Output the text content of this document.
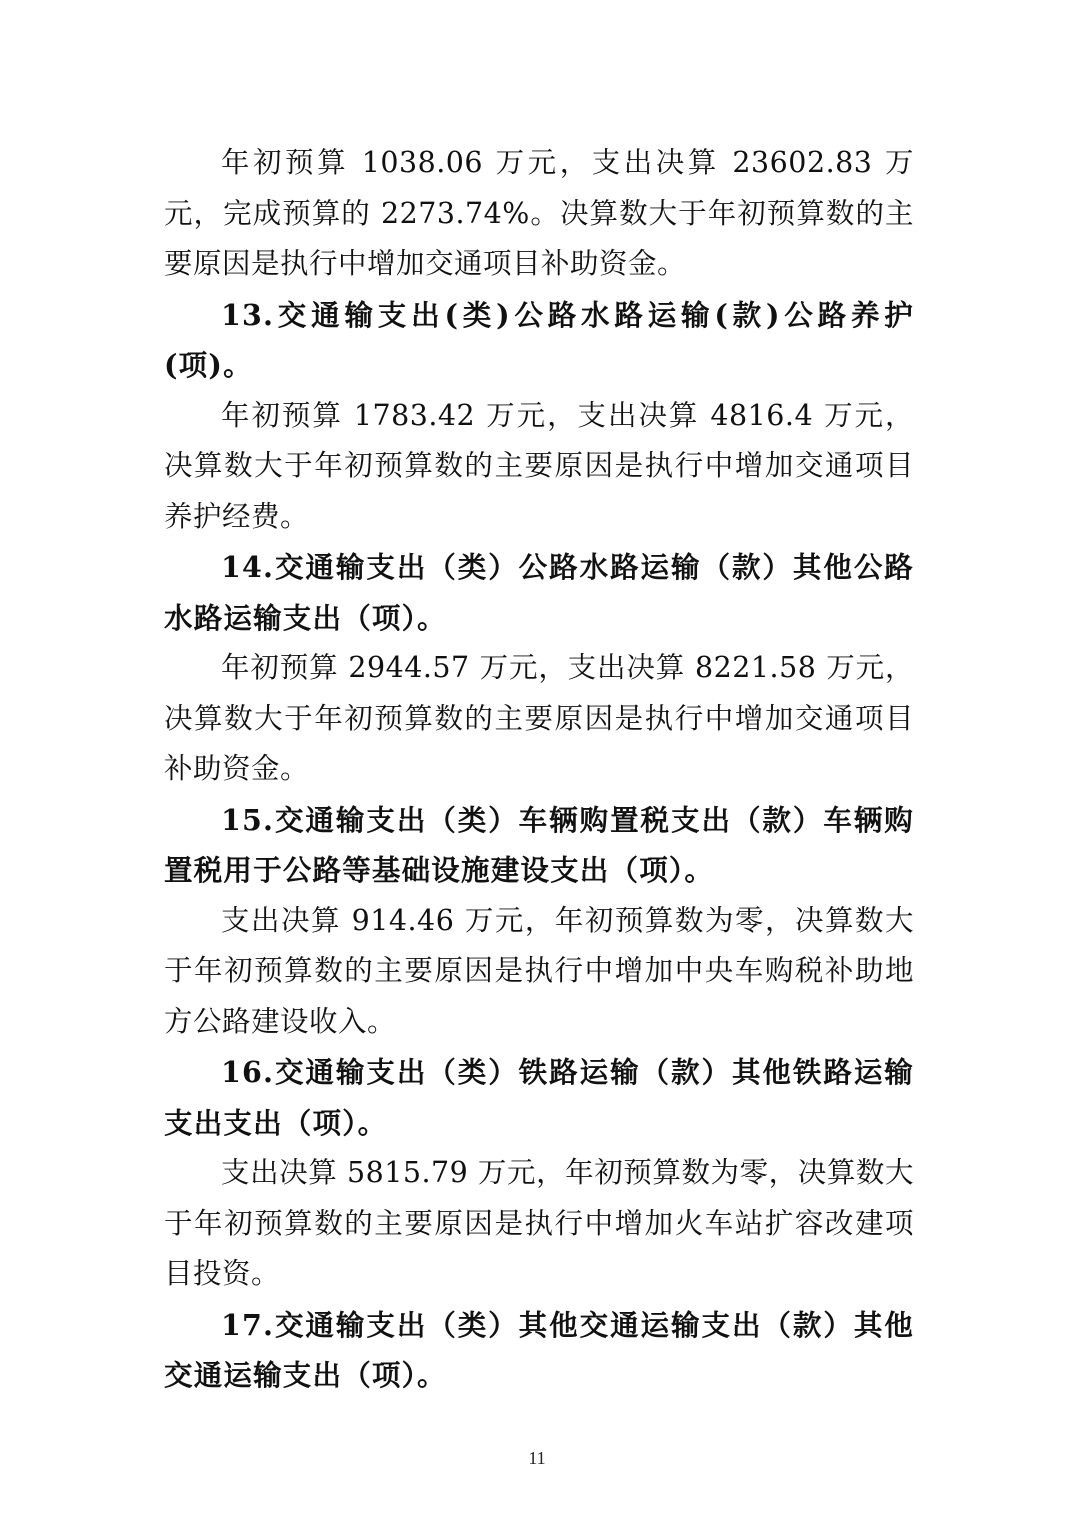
年初预算 1038.06 万元，支出决算 23602.83 万元，完成预算的 2273.74%。决算数大于年初预算数的主要原因是执行中增加交通项目补助资金。

13.交通输支出(类)公路水路运输(款)公路养护(项)。

年初预算 1783.42 万元，支出决算 4816.4 万元，决算数大于年初预算数的主要原因是执行中增加交通项目养护经费。

14.交通输支出（类）公路水路运输（款）其他公路水路运输支出（项）。

年初预算 2944.57 万元，支出决算 8221.58 万元，决算数大于年初预算数的主要原因是执行中增加交通项目补助资金。

15.交通输支出（类）车辆购置税支出（款）车辆购置税用于公路等基础设施建设支出（项）。

支出决算 914.46 万元，年初预算数为零，决算数大于年初预算数的主要原因是执行中增加中央车购税补助地方公路建设收入。

16.交通输支出（类）铁路运输（款）其他铁路运输支出支出（项）。

支出决算 5815.79 万元，年初预算数为零，决算数大于年初预算数的主要原因是执行中增加火车站扩容改建项目投资。

17.交通输支出（类）其他交通运输支出（款）其他交通运输支出（项）。

11
